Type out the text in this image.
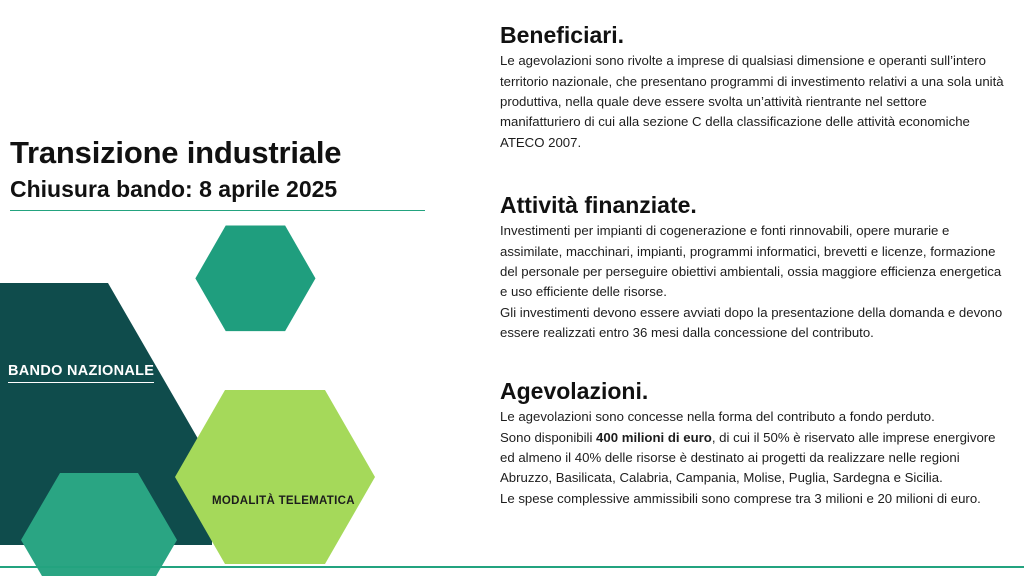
Transizione industriale
Chiusura bando: 8 aprile 2025
BANDO NAZIONALE
MODALITÀ TELEMATICA
Beneficiari.

Le agevolazioni sono rivolte a imprese di qualsiasi dimensione e operanti sull’intero territorio nazionale, che presentano programmi di investimento relativi a una sola unità produttiva, nella quale deve essere svolta un’attività rientrante nel settore manifatturiero di cui alla sezione C della classificazione delle attività economiche ATECO 2007.

Attività finanziate.

Investimenti per impianti di cogenerazione e fonti rinnovabili, opere murarie e assimilate, macchinari, impianti, programmi informatici, brevetti e licenze, formazione del personale per perseguire obiettivi ambientali, ossia maggiore efficienza energetica e uso efficiente delle risorse.

Gli investimenti devono essere avviati dopo la presentazione della domanda e devono essere realizzati entro 36 mesi dalla concessione del contributo.

Agevolazioni.

Le agevolazioni sono concesse nella forma del contributo a fondo perduto.

Sono disponibili 400 milioni di euro, di cui il 50% è riservato alle imprese energivore ed almeno il 40% delle risorse è destinato ai progetti da realizzare nelle regioni Abruzzo, Basilicata, Calabria, Campania, Molise, Puglia, Sardegna e Sicilia.

Le spese complessive ammissibili sono comprese tra 3 milioni e 20 milioni di euro.
